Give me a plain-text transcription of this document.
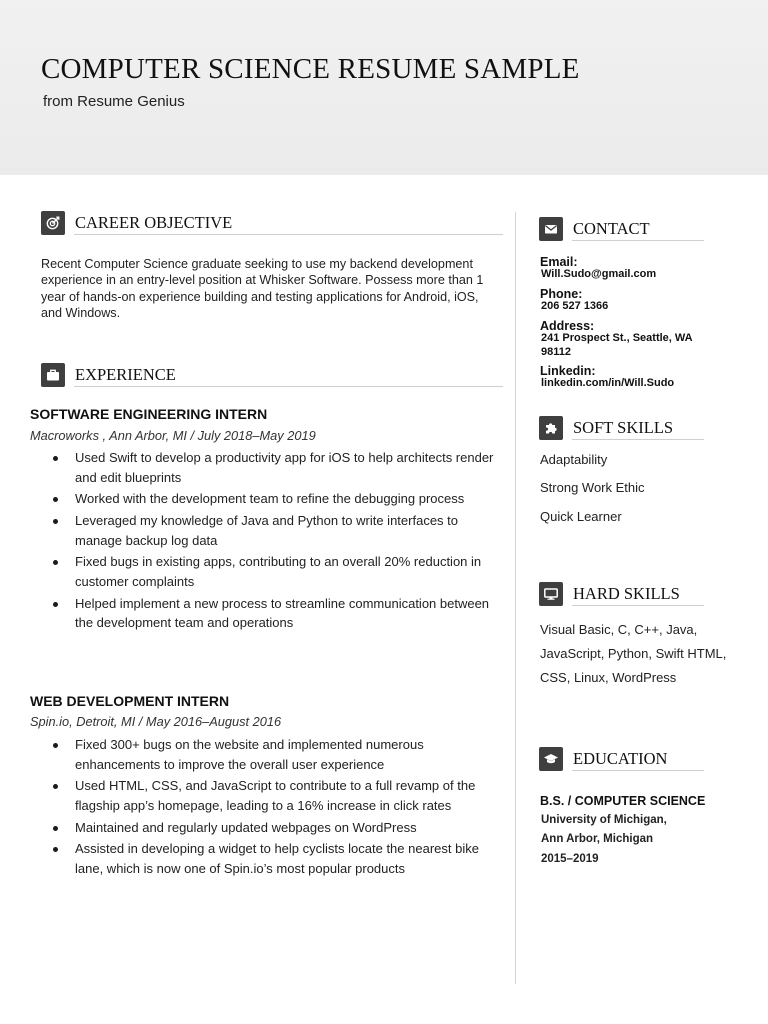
COMPUTER SCIENCE RESUME SAMPLE
from Resume Genius
CAREER OBJECTIVE
Recent Computer Science graduate seeking to use my backend development experience in an entry-level position at Whisker Software. Possess more than 1 year of hands-on experience building and testing applications for Android, iOS, and Windows.
EXPERIENCE
SOFTWARE ENGINEERING INTERN
Macroworks , Ann Arbor, MI / July 2018–May 2019
Used Swift to develop a productivity app for iOS to help architects render and edit blueprints
Worked with the development team to refine the debugging process
Leveraged my knowledge of Java and Python to write interfaces to manage backup log data
Fixed bugs in existing apps, contributing to an overall 20% reduction in customer complaints
Helped implement a new process to streamline communication between the development team and operations
WEB DEVELOPMENT INTERN
Spin.io, Detroit, MI / May 2016–August 2016
Fixed 300+ bugs on the website and implemented numerous enhancements to improve the overall user experience
Used HTML, CSS, and JavaScript to contribute to a full revamp of the flagship app’s homepage, leading to a 16% increase in click rates
Maintained and regularly updated webpages on WordPress
Assisted in developing a widget to help cyclists locate the nearest bike lane, which is now one of Spin.io’s most popular products
CONTACT
Email:
Will.Sudo@gmail.com
Phone:
206 527 1366
Address:
241 Prospect St., Seattle, WA 98112
Linkedin:
linkedin.com/in/Will.Sudo
SOFT SKILLS
Adaptability
Strong Work Ethic
Quick Learner
HARD SKILLS
Visual Basic, C, C++, Java, JavaScript, Python, Swift HTML, CSS, Linux, WordPress
EDUCATION
B.S. / COMPUTER SCIENCE
University of Michigan,
Ann Arbor, Michigan
2015–2019
